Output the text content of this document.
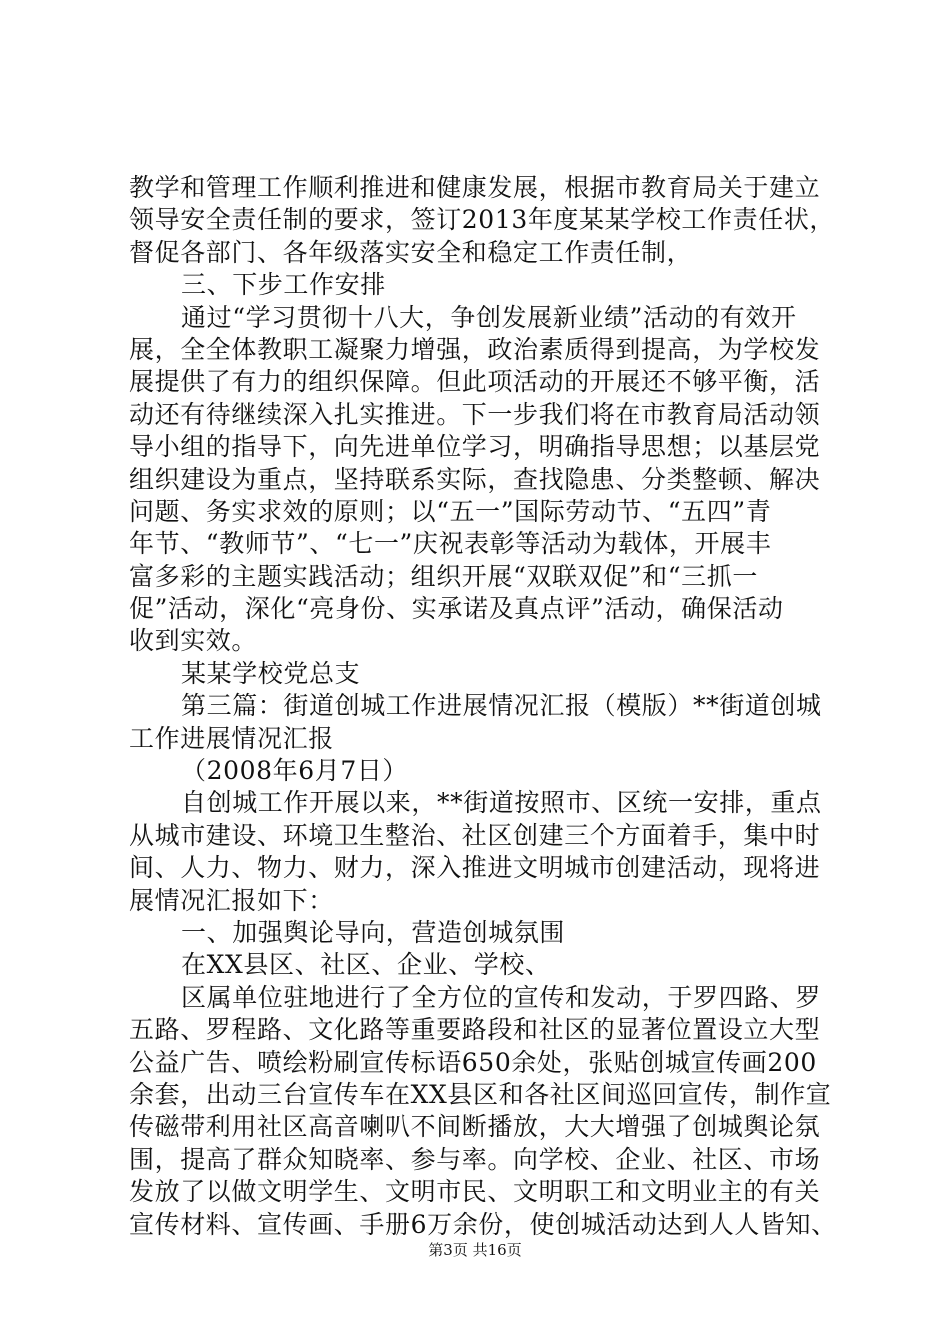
教学和管理工作顺利推进和健康发展，根据市教育局关于建立
领导安全责任制的要求，签订2013年度某某学校工作责任状，
督促各部门、各年级落实安全和稳定工作责任制，
三、下步工作安排
通过“学习贯彻十八大，争创发展新业绩”活动的有效开
展，全全体教职工凝聚力增强，政治素质得到提高，为学校发
展提供了有力的组织保障。但此项活动的开展还不够平衡，活
动还有待继续深入扎实推进。下一步我们将在市教育局活动领
导小组的指导下，向先进单位学习，明确指导思想；以基层党
组织建设为重点，坚持联系实际，查找隐患、分类整顿、解决
问题、务实求效的原则；以“五一”国际劳动节、“五四”青
年节、“教师节”、“七一”庆祝表彰等活动为载体，开展丰
富多彩的主题实践活动；组织开展“双联双促”和“三抓一
促”活动，深化“亮身份、实承诺及真点评”活动，确保活动
收到实效。
某某学校党总支
第三篇：街道创城工作进展情况汇报（模版）**街道创城
工作进展情况汇报
（2008年6月7日）
自创城工作开展以来，**街道按照市、区统一安排，重点
从城市建设、环境卫生整治、社区创建三个方面着手，集中时
间、人力、物力、财力，深入推进文明城市创建活动，现将进
展情况汇报如下：
一、加强舆论导向，营造创城氛围
在XX县区、社区、企业、学校、
区属单位驻地进行了全方位的宣传和发动，于罗四路、罗
五路、罗程路、文化路等重要路段和社区的显著位置设立大型
公益广告、喷绘粉刷宣传标语650余处，张贴创城宣传画200
余套，出动三台宣传车在XX县区和各社区间巡回宣传，制作宣
传磁带利用社区高音喇叭不间断播放，大大增强了创城舆论氛
围，提高了群众知晓率、参与率。向学校、企业、社区、市场
发放了以做文明学生、文明市民、文明职工和文明业主的有关
宣传材料、宣传画、手册6万余份，使创城活动达到人人皆知、
第3页 共16页
